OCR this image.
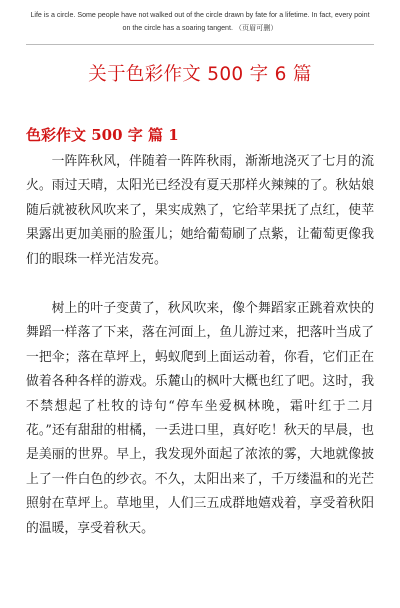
Life is a circle. Some people have not walked out of the circle drawn by fate for a lifetime. In fact, every point on the circle has a soaring tangent. （页眉可删）
关于色彩作文 500 字 6 篇
色彩作文 500 字 篇 1

一阵阵秋风，伴随着一阵阵秋雨，渐渐地浇灭了七月的流火。雨过天晴，太阳光已经没有夏天那样火辣辣的了。秋姑娘随后就被秋风吹来了，果实成熟了，它给苹果抚了点红，使苹果露出更加美丽的脸蛋儿；她给葡萄刷了点紫，让葡萄更像我们的眼珠一样光洁发亮。

树上的叶子变黄了，秋风吹来，像个舞蹈家正跳着欢快的舞蹈一样落了下来，落在河面上，鱼儿游过来，把落叶当成了一把伞；落在草坪上，蚂蚁爬到上面运动着，你看，它们正在做着各种各样的游戏。乐麓山的枫叶大概也红了吧。这时，我不禁想起了杜牧的诗句“停车坐爱枫林晚，霜叶红于二月花。”还有甜甜的柑橘，一丢进口里，真好吃！秋天的早晨，也是美丽的世界。早上，我发现外面起了浓浓的雾，大地就像披上了一件白色的纱衣。不久，太阳出来了，千万缕温和的光芒照射在草坪上。草地里，人们三五成群地嬉戏着，享受着秋阳的温暖，享受着秋天。
